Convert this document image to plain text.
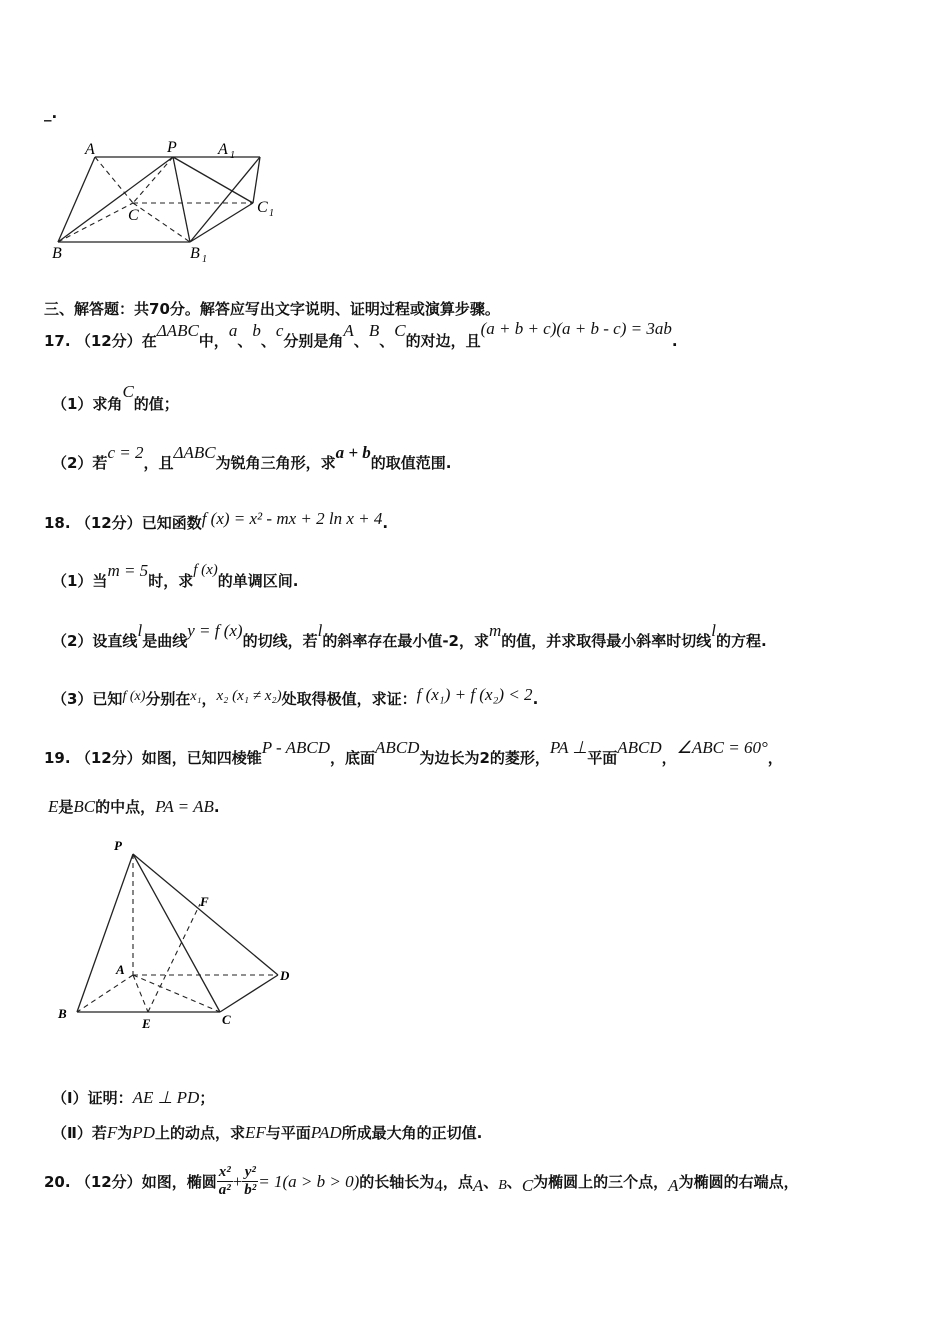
_.
A	P	A 1
C	C 1
B	B 1
三、解答题：共70分。解答应写出文字说明、证明过程或演算步骤。
17. （12分）在ΔABC中，a、b、c分别是角A、B、C的对边，且(a + b + c)(a + b - c) = 3ab.
（1）求角C的值；
（2）若c = 2，且ΔABC为锐角三角形，求a + b的取值范围.
18. （12分）已知函数f (x) = x² - mx + 2 ln x + 4.
（1）当m = 5时，求f (x)的单调区间.
（2）设直线l是曲线y = f (x)的切线，若l的斜率存在最小值-2，求m的值，并求取得最小斜率时切线l的方程.
（3）已知f (x)分别在x₁，x₂ (x₁ ≠ x₂)处取得极值，求证：f (x₁) + f (x₂) < 2.
19. （12分）如图，已知四棱锥P - ABCD，底面ABCD为边长为2的菱形，PA ⊥平面ABCD，∠ABC = 60°，
E是BC的中点，PA = AB.
P
F
A	D
B
E	C
（Ⅰ）证明：AE ⊥ PD；
（Ⅱ）若F为PD上的动点，求EF与平面PAD所成最大角的正切值.
20.
（12分） 如图，椭圆 $\frac{\text{x²}}{\text{a²}} + \frac{\text{y²}}{\text{b²}} = 1(a > b > 0)$ 的长轴长为 4 ，点 A 、 B 、 C 为椭圆上的三个点， A 为椭圆的右端点，
